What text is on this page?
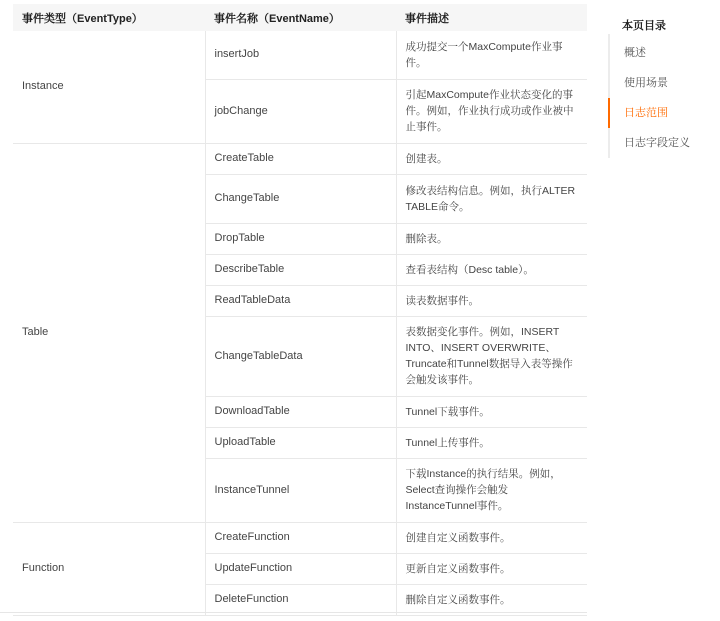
事件类型（EventType）	事件名称（EventName）	事件描述
Instance	insertJob	成功提交一个MaxCompute作业事件。
	jobChange	引起MaxCompute作业状态变化的事件。例如，作业执行成功或作业被中止事件。
Table	CreateTable	创建表。
	ChangeTable	修改表结构信息。例如，执行ALTER TABLE命令。
	DropTable	删除表。
	DescribeTable	查看表结构（Desc table）。
	ReadTableData	读表数据事件。
	ChangeTableData	表数据变化事件。例如，INSERT INTO、INSERT OVERWRITE、Truncate和Tunnel数据导入表等操作会触发该事件。
	DownloadTable	Tunnel下载事件。
	UploadTable	Tunnel上传事件。
	InstanceTunnel	下载Instance的执行结果。例如，Select查询操作会触发InstanceTunnel事件。
Function	CreateFunction	创建自定义函数事件。
	UpdateFunction	更新自定义函数事件。
	DeleteFunction	删除自定义函数事件。
本页目录
概述
使用场景
日志范围
日志字段定义
